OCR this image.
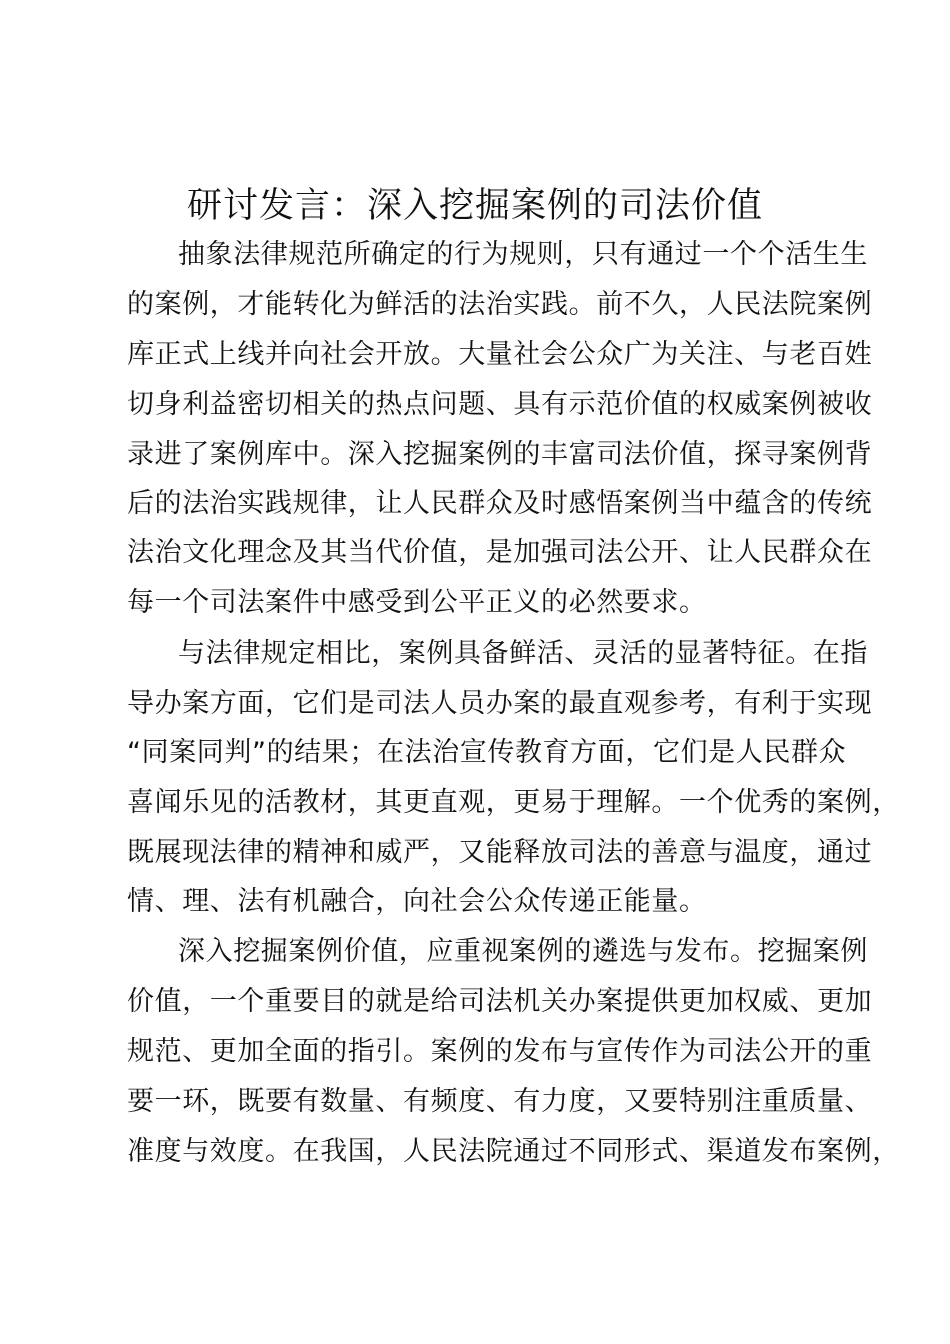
研讨发言：深入挖掘案例的司法价值

抽象法律规范所确定的行为规则，只有通过一个个活生生

的案例，才能转化为鲜活的法治实践。前不久，人民法院案例

库正式上线并向社会开放。大量社会公众广为关注、与老百姓

切身利益密切相关的热点问题、具有示范价值的权威案例被收

录进了案例库中。深入挖掘案例的丰富司法价值，探寻案例背

后的法治实践规律，让人民群众及时感悟案例当中蕴含的传统

法治文化理念及其当代价值，是加强司法公开、让人民群众在

每一个司法案件中感受到公平正义的必然要求。

与法律规定相比，案例具备鲜活、灵活的显著特征。在指

导办案方面，它们是司法人员办案的最直观参考，有利于实现

“同案同判”的结果；在法治宣传教育方面，它们是人民群众

喜闻乐见的活教材，其更直观，更易于理解。一个优秀的案例，

既展现法律的精神和威严，又能释放司法的善意与温度，通过

情、理、法有机融合，向社会公众传递正能量。

深入挖掘案例价值，应重视案例的遴选与发布。挖掘案例

价值，一个重要目的就是给司法机关办案提供更加权威、更加

规范、更加全面的指引。案例的发布与宣传作为司法公开的重

要一环，既要有数量、有频度、有力度，又要特别注重质量、

准度与效度。在我国，人民法院通过不同形式、渠道发布案例，
